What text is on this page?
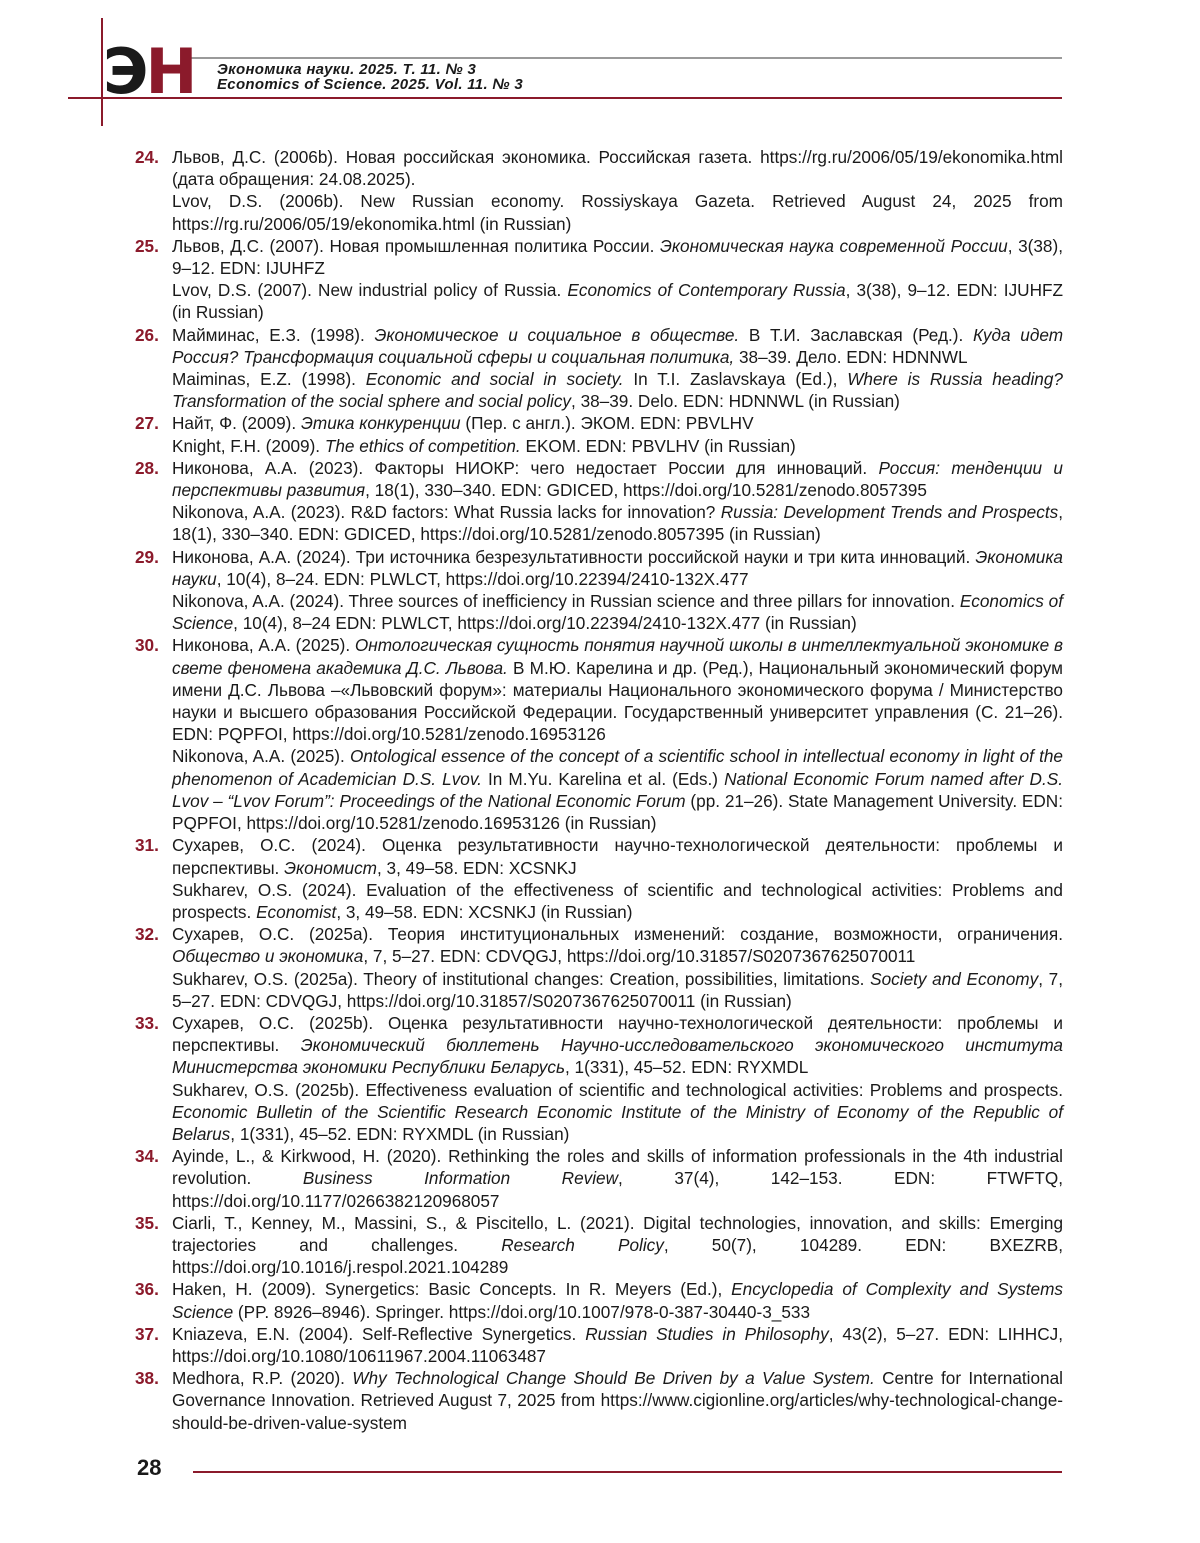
ЭН Экономика науки. 2025. Т. 11. № 3
Economics of Science. 2025. Vol. 11. № 3
24. Львов, Д.С. (2006b). Новая российская экономика. Российская газета. https://rg.ru/2006/05/19/ekonomika.html (дата обращения: 24.08.2025).
Lvov, D.S. (2006b). New Russian economy. Rossiyskaya Gazeta. Retrieved August 24, 2025 from https://rg.ru/2006/05/19/ekonomika.html (in Russian)
25. Львов, Д.С. (2007). Новая промышленная политика России. Экономическая наука современной России, 3(38), 9–12. EDN: IJUHFZ
Lvov, D.S. (2007). New industrial policy of Russia. Economics of Contemporary Russia, 3(38), 9–12. EDN: IJUHFZ (in Russian)
26. Майминас, Е.З. (1998). Экономическое и социальное в обществе. В Т.И. Заславская (Ред.). Куда идет Россия? Трансформация социальной сферы и социальная политика, 38–39. Дело. EDN: HDNNWL
Maiminas, E.Z. (1998). Economic and social in society. In T.I. Zaslavskaya (Ed.), Where is Russia heading? Transformation of the social sphere and social policy, 38–39. Delo. EDN: HDNNWL (in Russian)
27. Найт, Ф. (2009). Этика конкуренции (Пер. с англ.). ЭКОМ. EDN: PBVLHV
Knight, F.H. (2009). The ethics of competition. EKOM. EDN: PBVLHV (in Russian)
28. Никонова, А.А. (2023). Факторы НИОКР: чего недостает России для инноваций. Россия: тенденции и перспективы развития, 18(1), 330–340. EDN: GDICED, https://doi.org/10.5281/zenodo.8057395
Nikonova, A.A. (2023). R&D factors: What Russia lacks for innovation? Russia: Development Trends and Prospects, 18(1), 330–340. EDN: GDICED, https://doi.org/10.5281/zenodo.8057395 (in Russian)
29. Никонова, А.А. (2024). Три источника безрезультативности российской науки и три кита инноваций. Экономика науки, 10(4), 8–24. EDN: PLWLCT, https://doi.org/10.22394/2410-132X.477
Nikonova, A.A. (2024). Three sources of inefficiency in Russian science and three pillars for innovation. Economics of Science, 10(4), 8–24 EDN: PLWLCT, https://doi.org/10.22394/2410-132X.477 (in Russian)
30. Никонова, А.А. (2025). Онтологическая сущность понятия научной школы в интеллектуальной экономике в свете феномена академика Д.С. Львова. В М.Ю. Карелина и др. (Ред.), Национальный экономический форум имени Д.С. Львова –«Львовский форум»: материалы Национального экономического форума / Министерство науки и высшего образования Российской Федерации. Государственный университет управления (С. 21–26). EDN: PQPFOI, https://doi.org/10.5281/zenodo.16953126
Nikonova, A.A. (2025). Ontological essence of the concept of a scientific school in intellectual economy in light of the phenomenon of Academician D.S. Lvov. In M.Yu. Karelina et al. (Eds.) National Economic Forum named after D.S. Lvov – “Lvov Forum”: Proceedings of the National Economic Forum (pp. 21–26). State Management University. EDN: PQPFOI, https://doi.org/10.5281/zenodo.16953126 (in Russian)
31. Сухарев, О.С. (2024). Оценка результативности научно-технологической деятельности: проблемы и перспективы. Экономист, 3, 49–58. EDN: XCSNKJ
Sukharev, O.S. (2024). Evaluation of the effectiveness of scientific and technological activities: Problems and prospects. Economist, 3, 49–58. EDN: XCSNKJ (in Russian)
32. Сухарев, О.С. (2025a). Теория институциональных изменений: создание, возможности, ограничения. Общество и экономика, 7, 5–27. EDN: CDVQGJ, https://doi.org/10.31857/S0207367625070011
Sukharev, O.S. (2025a). Theory of institutional changes: Creation, possibilities, limitations. Society and Economy, 7, 5–27. EDN: CDVQGJ, https://doi.org/10.31857/S0207367625070011 (in Russian)
33. Сухарев, О.С. (2025b). Оценка результативности научно-технологической деятельности: проблемы и перспективы. Экономический бюллетень Научно-исследовательского экономического института Министерства экономики Республики Беларусь, 1(331), 45–52. EDN: RYXMDL
Sukharev, O.S. (2025b). Effectiveness evaluation of scientific and technological activities: Problems and prospects. Economic Bulletin of the Scientific Research Economic Institute of the Ministry of Economy of the Republic of Belarus, 1(331), 45–52. EDN: RYXMDL (in Russian)
34. Ayinde, L., & Kirkwood, H. (2020). Rethinking the roles and skills of information professionals in the 4th industrial revolution. Business Information Review, 37(4), 142–153. EDN: FTWFTQ, https://doi.org/10.1177/0266382120968057
35. Ciarli, T., Kenney, M., Massini, S., & Piscitello, L. (2021). Digital technologies, innovation, and skills: Emerging trajectories and challenges. Research Policy, 50(7), 104289. EDN: BXEZRB, https://doi.org/10.1016/j.respol.2021.104289
36. Haken, H. (2009). Synergetics: Basic Concepts. In R. Meyers (Ed.), Encyclopedia of Complexity and Systems Science (PP. 8926–8946). Springer. https://doi.org/10.1007/978-0-387-30440-3_533
37. Kniazeva, E.N. (2004). Self-Reflective Synergetics. Russian Studies in Philosophy, 43(2), 5–27. EDN: LIHHCJ, https://doi.org/10.1080/10611967.2004.11063487
38. Medhora, R.P. (2020). Why Technological Change Should Be Driven by a Value System. Centre for International Governance Innovation. Retrieved August 7, 2025 from https://www.cigionline.org/articles/why-technological-change-should-be-driven-value-system
28
